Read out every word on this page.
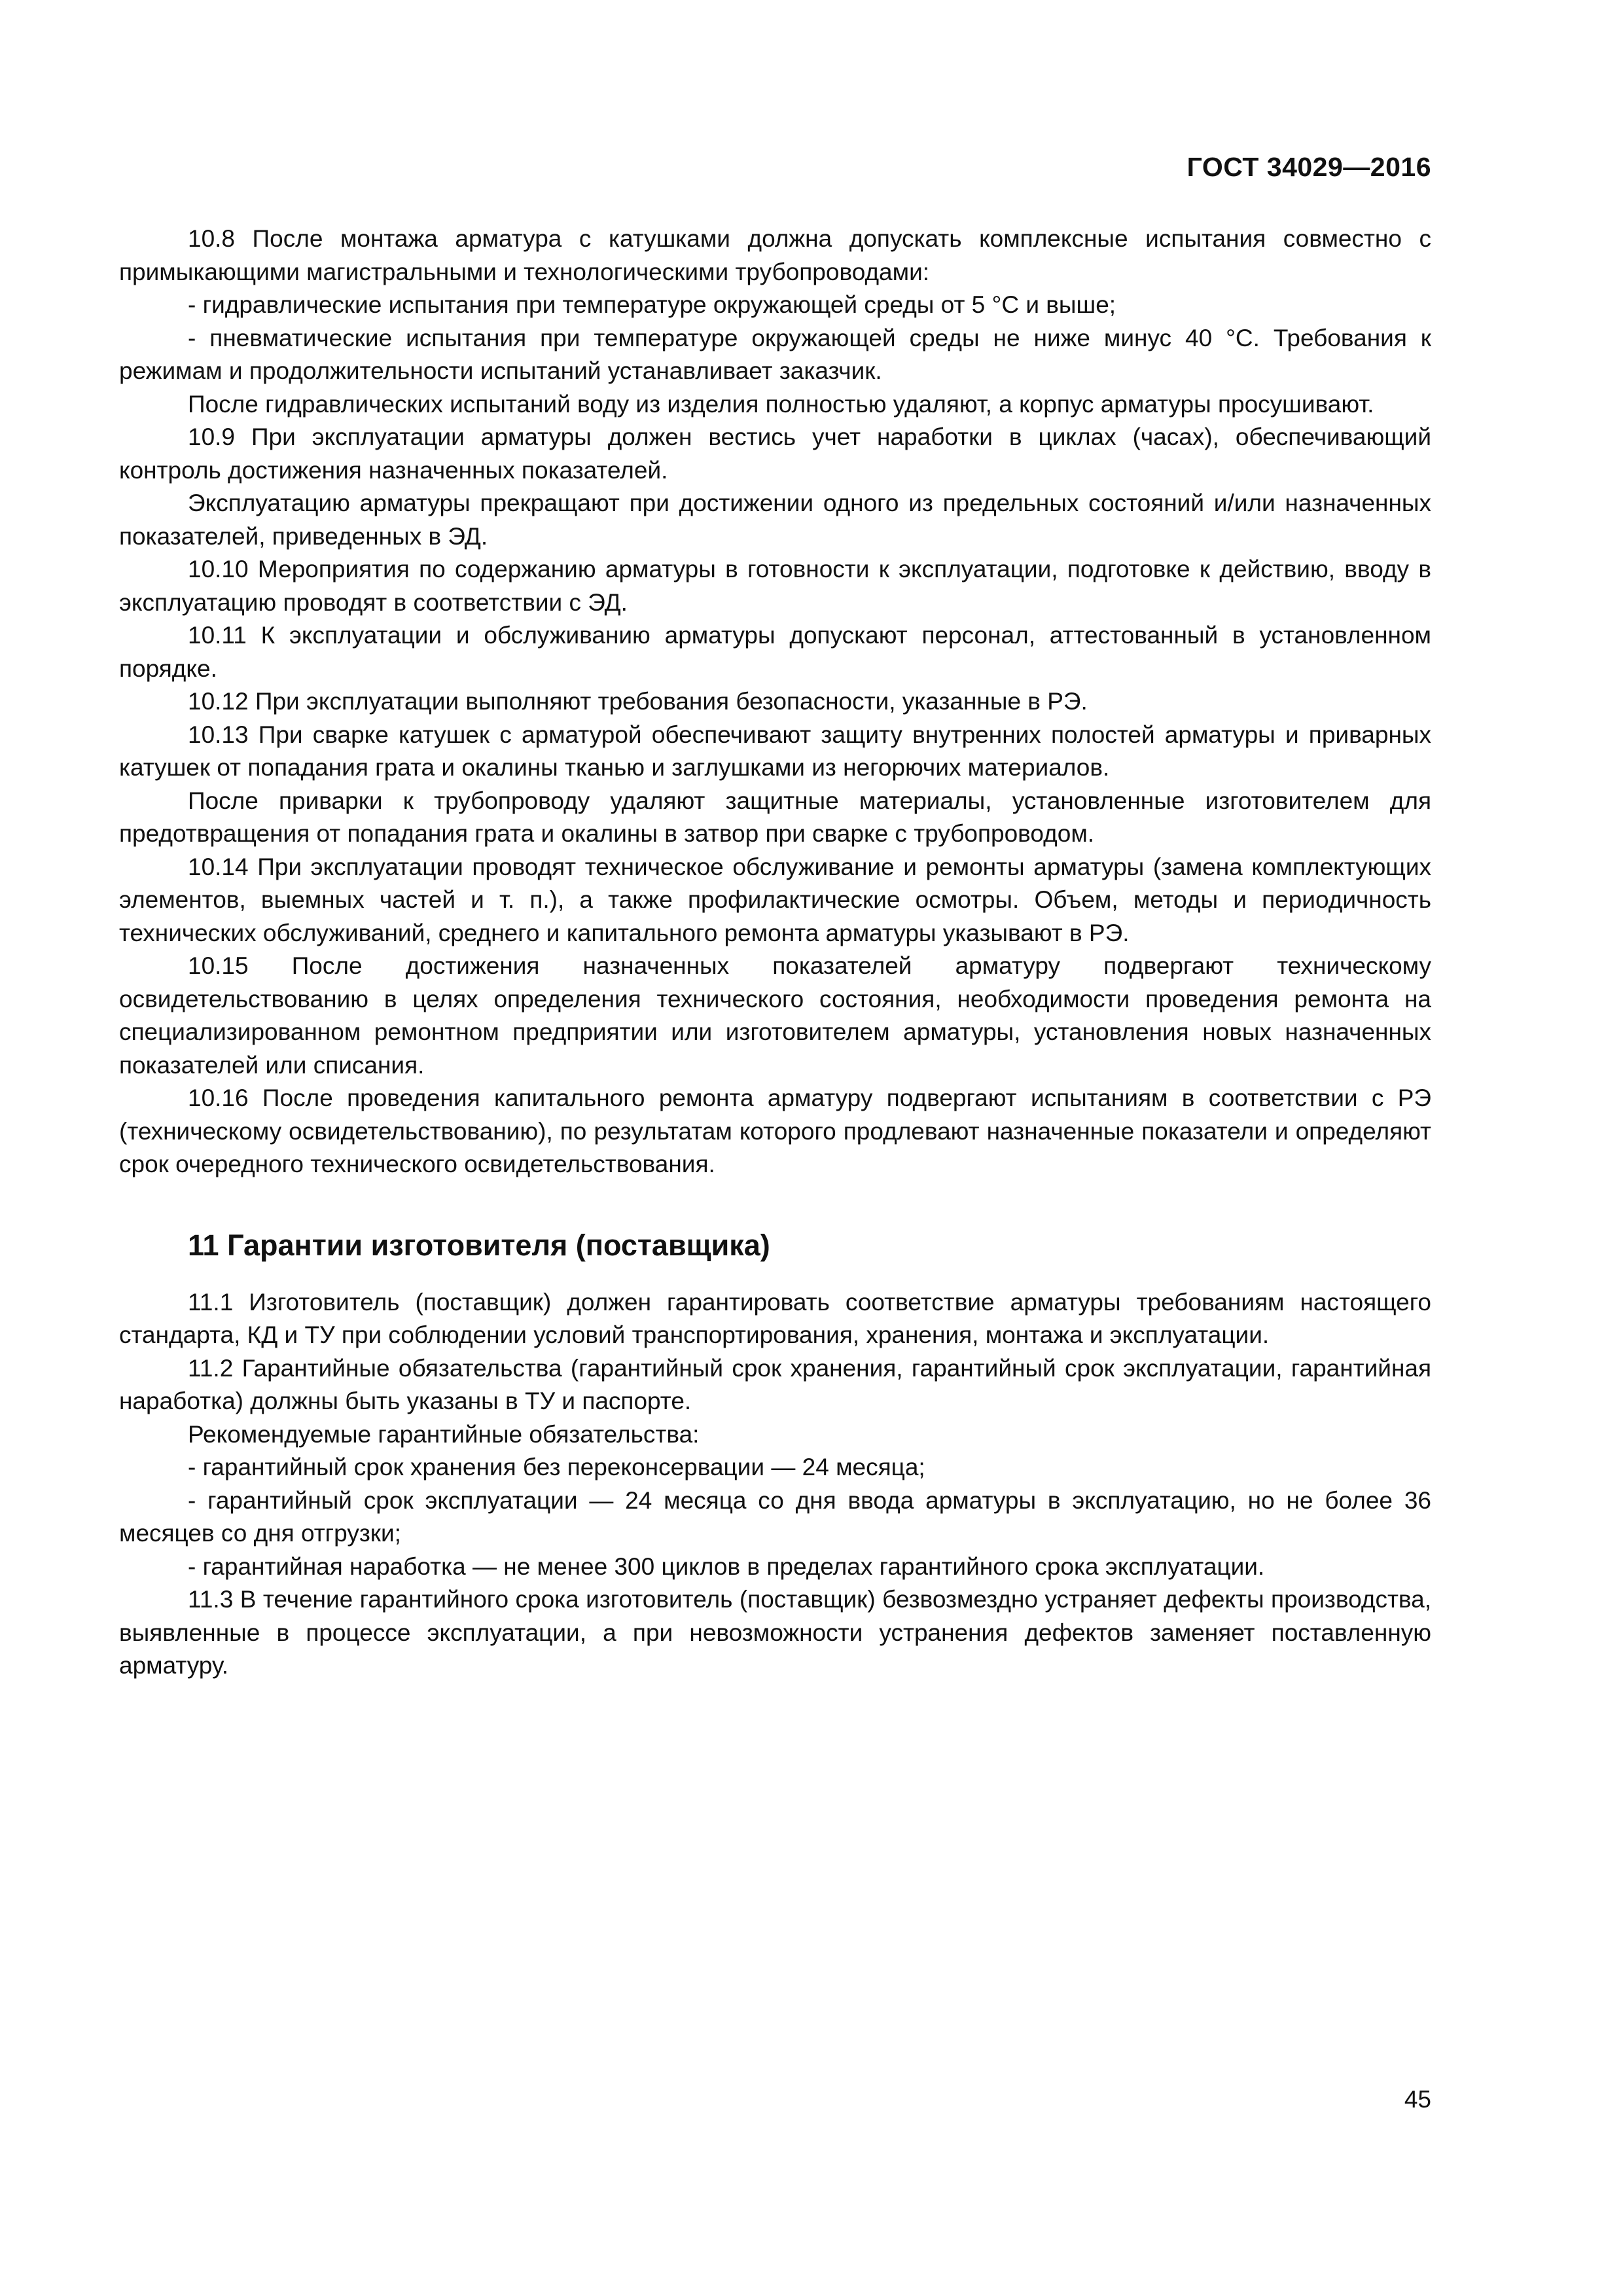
ГОСТ 34029—2016

10.8 После монтажа арматура с катушками должна допускать комплексные испытания совместно с примыкающими магистральными и технологическими трубопроводами:

- гидравлические испытания при температуре окружающей среды от 5 °С и выше;

- пневматические испытания при температуре окружающей среды не ниже минус 40 °С. Требования к режимам и продолжительности испытаний устанавливает заказчик.

После гидравлических испытаний воду из изделия полностью удаляют, а корпус арматуры просушивают.

10.9 При эксплуатации арматуры должен вестись учет наработки в циклах (часах), обеспечивающий контроль достижения назначенных показателей.

Эксплуатацию арматуры прекращают при достижении одного из предельных состояний и/или назначенных показателей, приведенных в ЭД.

10.10 Мероприятия по содержанию арматуры в готовности к эксплуатации, подготовке к действию, вводу в эксплуатацию проводят в соответствии с ЭД.

10.11 К эксплуатации и обслуживанию арматуры допускают персонал, аттестованный в установленном порядке.

10.12 При эксплуатации выполняют требования безопасности, указанные в РЭ.

10.13 При сварке катушек с арматурой обеспечивают защиту внутренних полостей арматуры и приварных катушек от попадания грата и окалины тканью и заглушками из негорючих материалов.

После приварки к трубопроводу удаляют защитные материалы, установленные изготовителем для предотвращения от попадания грата и окалины в затвор при сварке с трубопроводом.

10.14 При эксплуатации проводят техническое обслуживание и ремонты арматуры (замена комплектующих элементов, выемных частей и т. п.), а также профилактические осмотры. Объем, методы и периодичность технических обслуживаний, среднего и капитального ремонта арматуры указывают в РЭ.

10.15 После достижения назначенных показателей арматуру подвергают техническому освидетельствованию в целях определения технического состояния, необходимости проведения ремонта на специализированном ремонтном предприятии или изготовителем арматуры, установления новых назначенных показателей или списания.

10.16 После проведения капитального ремонта арматуру подвергают испытаниям в соответствии с РЭ (техническому освидетельствованию), по результатам которого продлевают назначенные показатели и определяют срок очередного технического освидетельствования.

11 Гарантии изготовителя (поставщика)

11.1 Изготовитель (поставщик) должен гарантировать соответствие арматуры требованиям настоящего стандарта, КД и ТУ при соблюдении условий транспортирования, хранения, монтажа и эксплуатации.

11.2 Гарантийные обязательства (гарантийный срок хранения, гарантийный срок эксплуатации, гарантийная наработка) должны быть указаны в ТУ и паспорте.

Рекомендуемые гарантийные обязательства:

- гарантийный срок хранения без переконсервации — 24 месяца;

- гарантийный срок эксплуатации — 24 месяца со дня ввода арматуры в эксплуатацию, но не более 36 месяцев со дня отгрузки;

- гарантийная наработка — не менее 300 циклов в пределах гарантийного срока эксплуатации.

11.3 В течение гарантийного срока изготовитель (поставщик) безвозмездно устраняет дефекты производства, выявленные в процессе эксплуатации, а при невозможности устранения дефектов заменяет поставленную арматуру.

45
